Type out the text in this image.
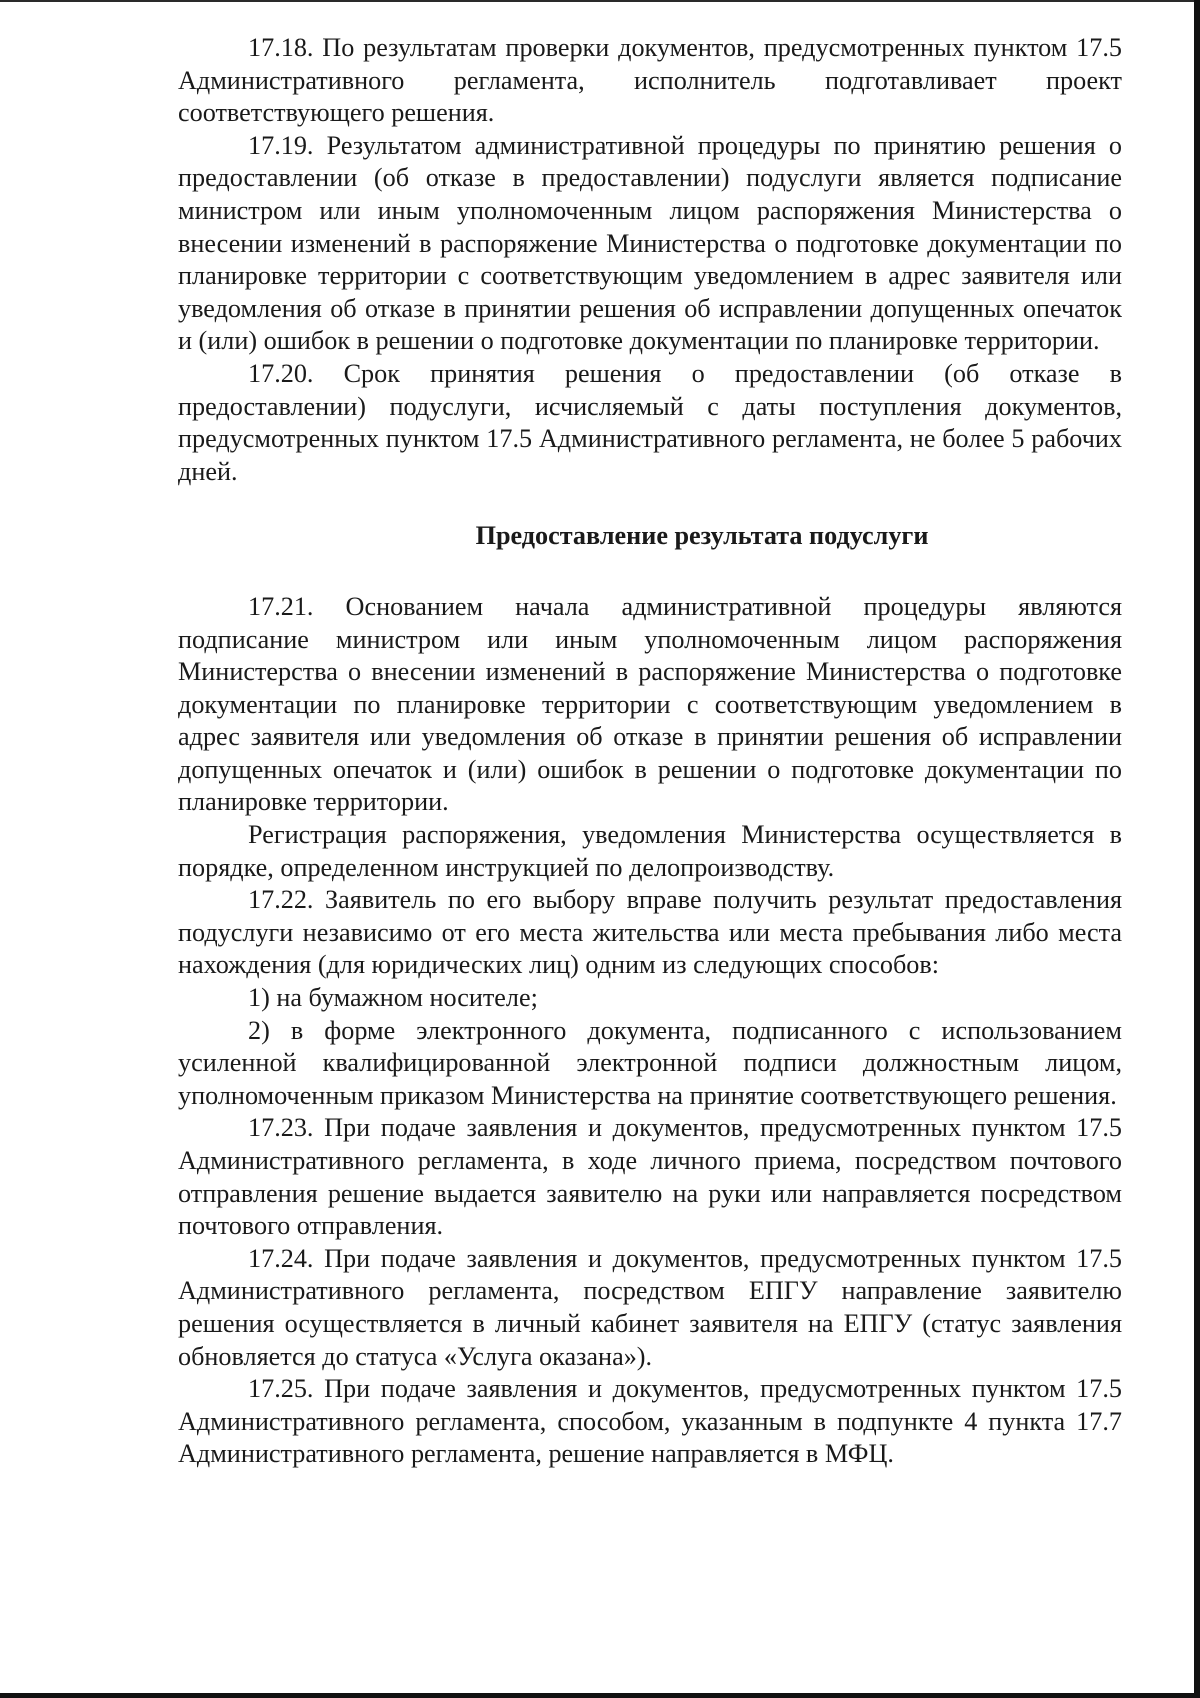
17.18. По результатам проверки документов, предусмотренных пунктом 17.5 Административного регламента, исполнитель подготавливает проект соответствующего решения.

17.19. Результатом административной процедуры по принятию решения о предоставлении (об отказе в предоставлении) подуслуги является подписание министром или иным уполномоченным лицом распоряжения Министерства о внесении изменений в распоряжение Министерства о подготовке документации по планировке территории с соответствующим уведомлением в адрес заявителя или уведомления об отказе в принятии решения об исправлении допущенных опечаток и (или) ошибок в решении о подготовке документации по планировке территории.

17.20. Срок принятия решения о предоставлении (об отказе в предоставлении) подуслуги, исчисляемый с даты поступления документов, предусмотренных пунктом 17.5 Административного регламента, не более 5 рабочих дней.

Предоставление результата подуслуги

17.21. Основанием начала административной процедуры являются подписание министром или иным уполномоченным лицом распоряжения Министерства о внесении изменений в распоряжение Министерства о подготовке документации по планировке территории с соответствующим уведомлением в адрес заявителя или уведомления об отказе в принятии решения об исправлении допущенных опечаток и (или) ошибок в решении о подготовке документации по планировке территории.

Регистрация распоряжения, уведомления Министерства осуществляется в порядке, определенном инструкцией по делопроизводству.

17.22. Заявитель по его выбору вправе получить результат предоставления подуслуги независимо от его места жительства или места пребывания либо места нахождения (для юридических лиц) одним из следующих способов:

1) на бумажном носителе;

2) в форме электронного документа, подписанного с использованием усиленной квалифицированной электронной подписи должностным лицом, уполномоченным приказом Министерства на принятие соответствующего решения.

17.23. При подаче заявления и документов, предусмотренных пунктом 17.5 Административного регламента, в ходе личного приема, посредством почтового отправления решение выдается заявителю на руки или направляется посредством почтового отправления.

17.24. При подаче заявления и документов, предусмотренных пунктом 17.5 Административного регламента, посредством ЕПГУ направление заявителю решения осуществляется в личный кабинет заявителя на ЕПГУ (статус заявления обновляется до статуса «Услуга оказана»).

17.25. При подаче заявления и документов, предусмотренных пунктом 17.5 Административного регламента, способом, указанным в подпункте 4 пункта 17.7 Административного регламента, решение направляется в МФЦ.
